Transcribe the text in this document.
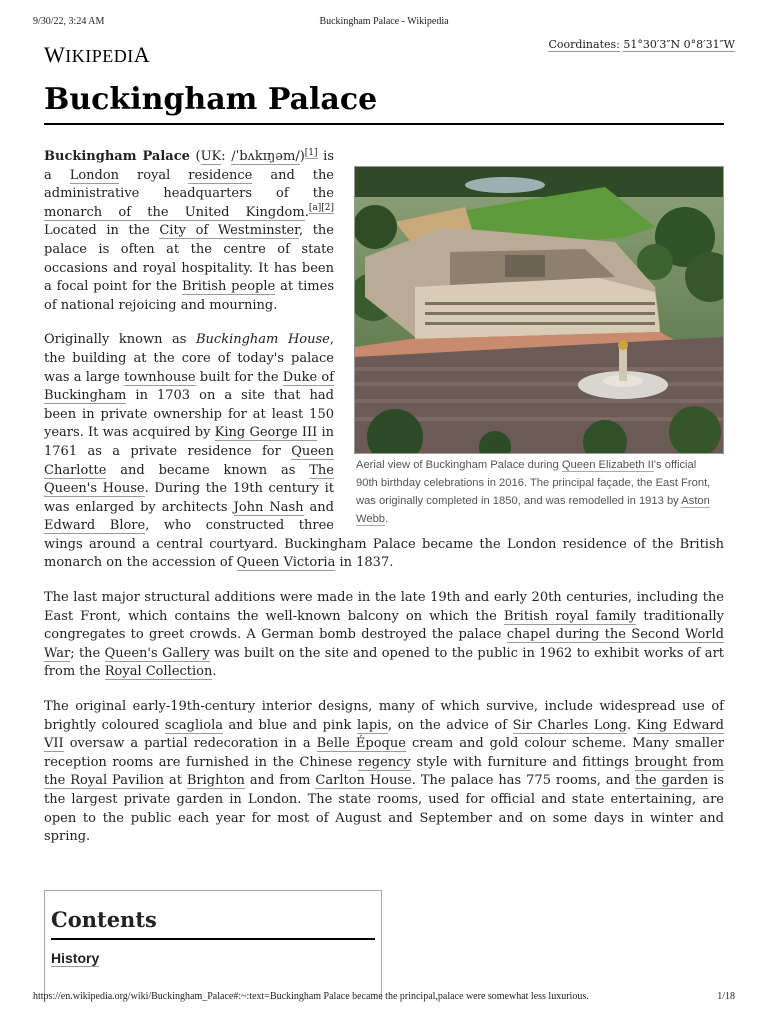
9/30/22, 3:24 AM	Buckingham Palace - Wikipedia
WIKIPEDIA	Coordinates: 51°30′3″N 0°8′31″W
Buckingham Palace
Aerial view of Buckingham Palace during Queen Elizabeth II's official 90th birthday celebrations in 2016. The principal façade, the East Front, was originally completed in 1850, and was remodelled in 1913 by Aston Webb.

Buckingham Palace (UK: /ˈbʌkɪŋəm/)[1] is a London royal residence and the administrative headquarters of the monarch of the United Kingdom.[a][2] Located in the City of Westminster, the palace is often at the centre of state occasions and royal hospitality. It has been a focal point for the British people at times of national rejoicing and mourning.

Originally known as Buckingham House, the building at the core of today's palace was a large townhouse built for the Duke of Buckingham in 1703 on a site that had been in private ownership for at least 150 years. It was acquired by King George III in 1761 as a private residence for Queen Charlotte and became known as The Queen's House. During the 19th century it was enlarged by architects John Nash and Edward Blore, who constructed three wings around a central courtyard. Buckingham Palace became the London residence of the British monarch on the accession of Queen Victoria in 1837.

The last major structural additions were made in the late 19th and early 20th centuries, including the East Front, which contains the well-known balcony on which the British royal family traditionally congregates to greet crowds. A German bomb destroyed the palace chapel during the Second World War; the Queen's Gallery was built on the site and opened to the public in 1962 to exhibit works of art from the Royal Collection.

The original early-19th-century interior designs, many of which survive, include widespread use of brightly coloured scagliola and blue and pink lapis, on the advice of Sir Charles Long. King Edward VII oversaw a partial redecoration in a Belle Époque cream and gold colour scheme. Many smaller reception rooms are furnished in the Chinese regency style with furniture and fittings brought from the Royal Pavilion at Brighton and from Carlton House. The palace has 775 rooms, and the garden is the largest private garden in London. The state rooms, used for official and state entertaining, are open to the public each year for most of August and September and on some days in winter and spring.

Contents
History
https://en.wikipedia.org/wiki/Buckingham_Palace#:~:text=Buckingham Palace became the principal,palace were somewhat less luxurious.	1/18
